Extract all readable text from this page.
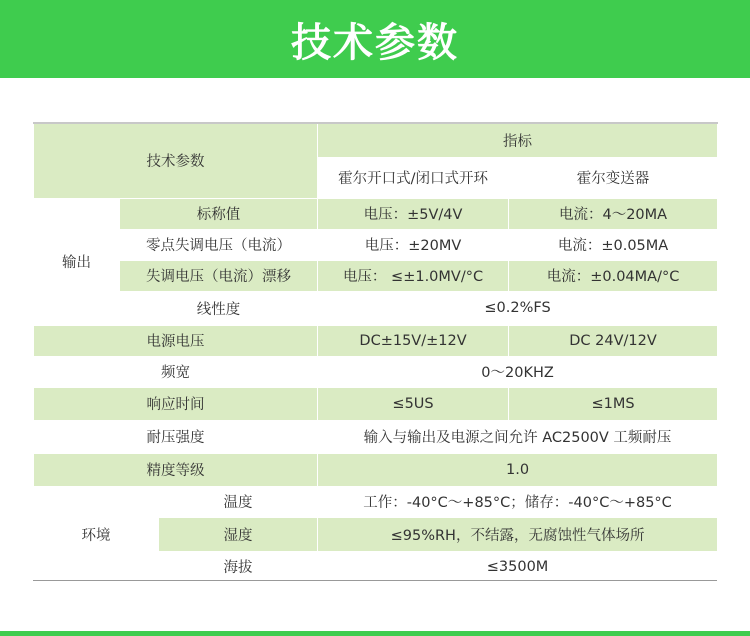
技术参数
技术参数			指标	
			霍尔开口式/闭口式开环	霍尔变送器
输出	标称值		电压：±5V/4V	电流：4～20MA
	零点失调电压（电流）		电压：±20MV	电流：±0.05MA
	失调电压（电流）漂移		电压： ≤±1.0MV/°C	电流：±0.04MA/°C
	线性度		≤0.2%FS	
电源电压			DC±15V/±12V	DC 24V/12V
频宽			0～20KHZ	
响应时间			≤5US	≤1MS
耐压强度			输入与输出及电源之间允许 AC2500V 工频耐压	
精度等级			1.0	
环境		温度	工作：-40°C～+85°C；储存：-40°C～+85°C	
		湿度	≤95%RH，不结露，无腐蚀性气体场所	
		海拔	≤3500M	
